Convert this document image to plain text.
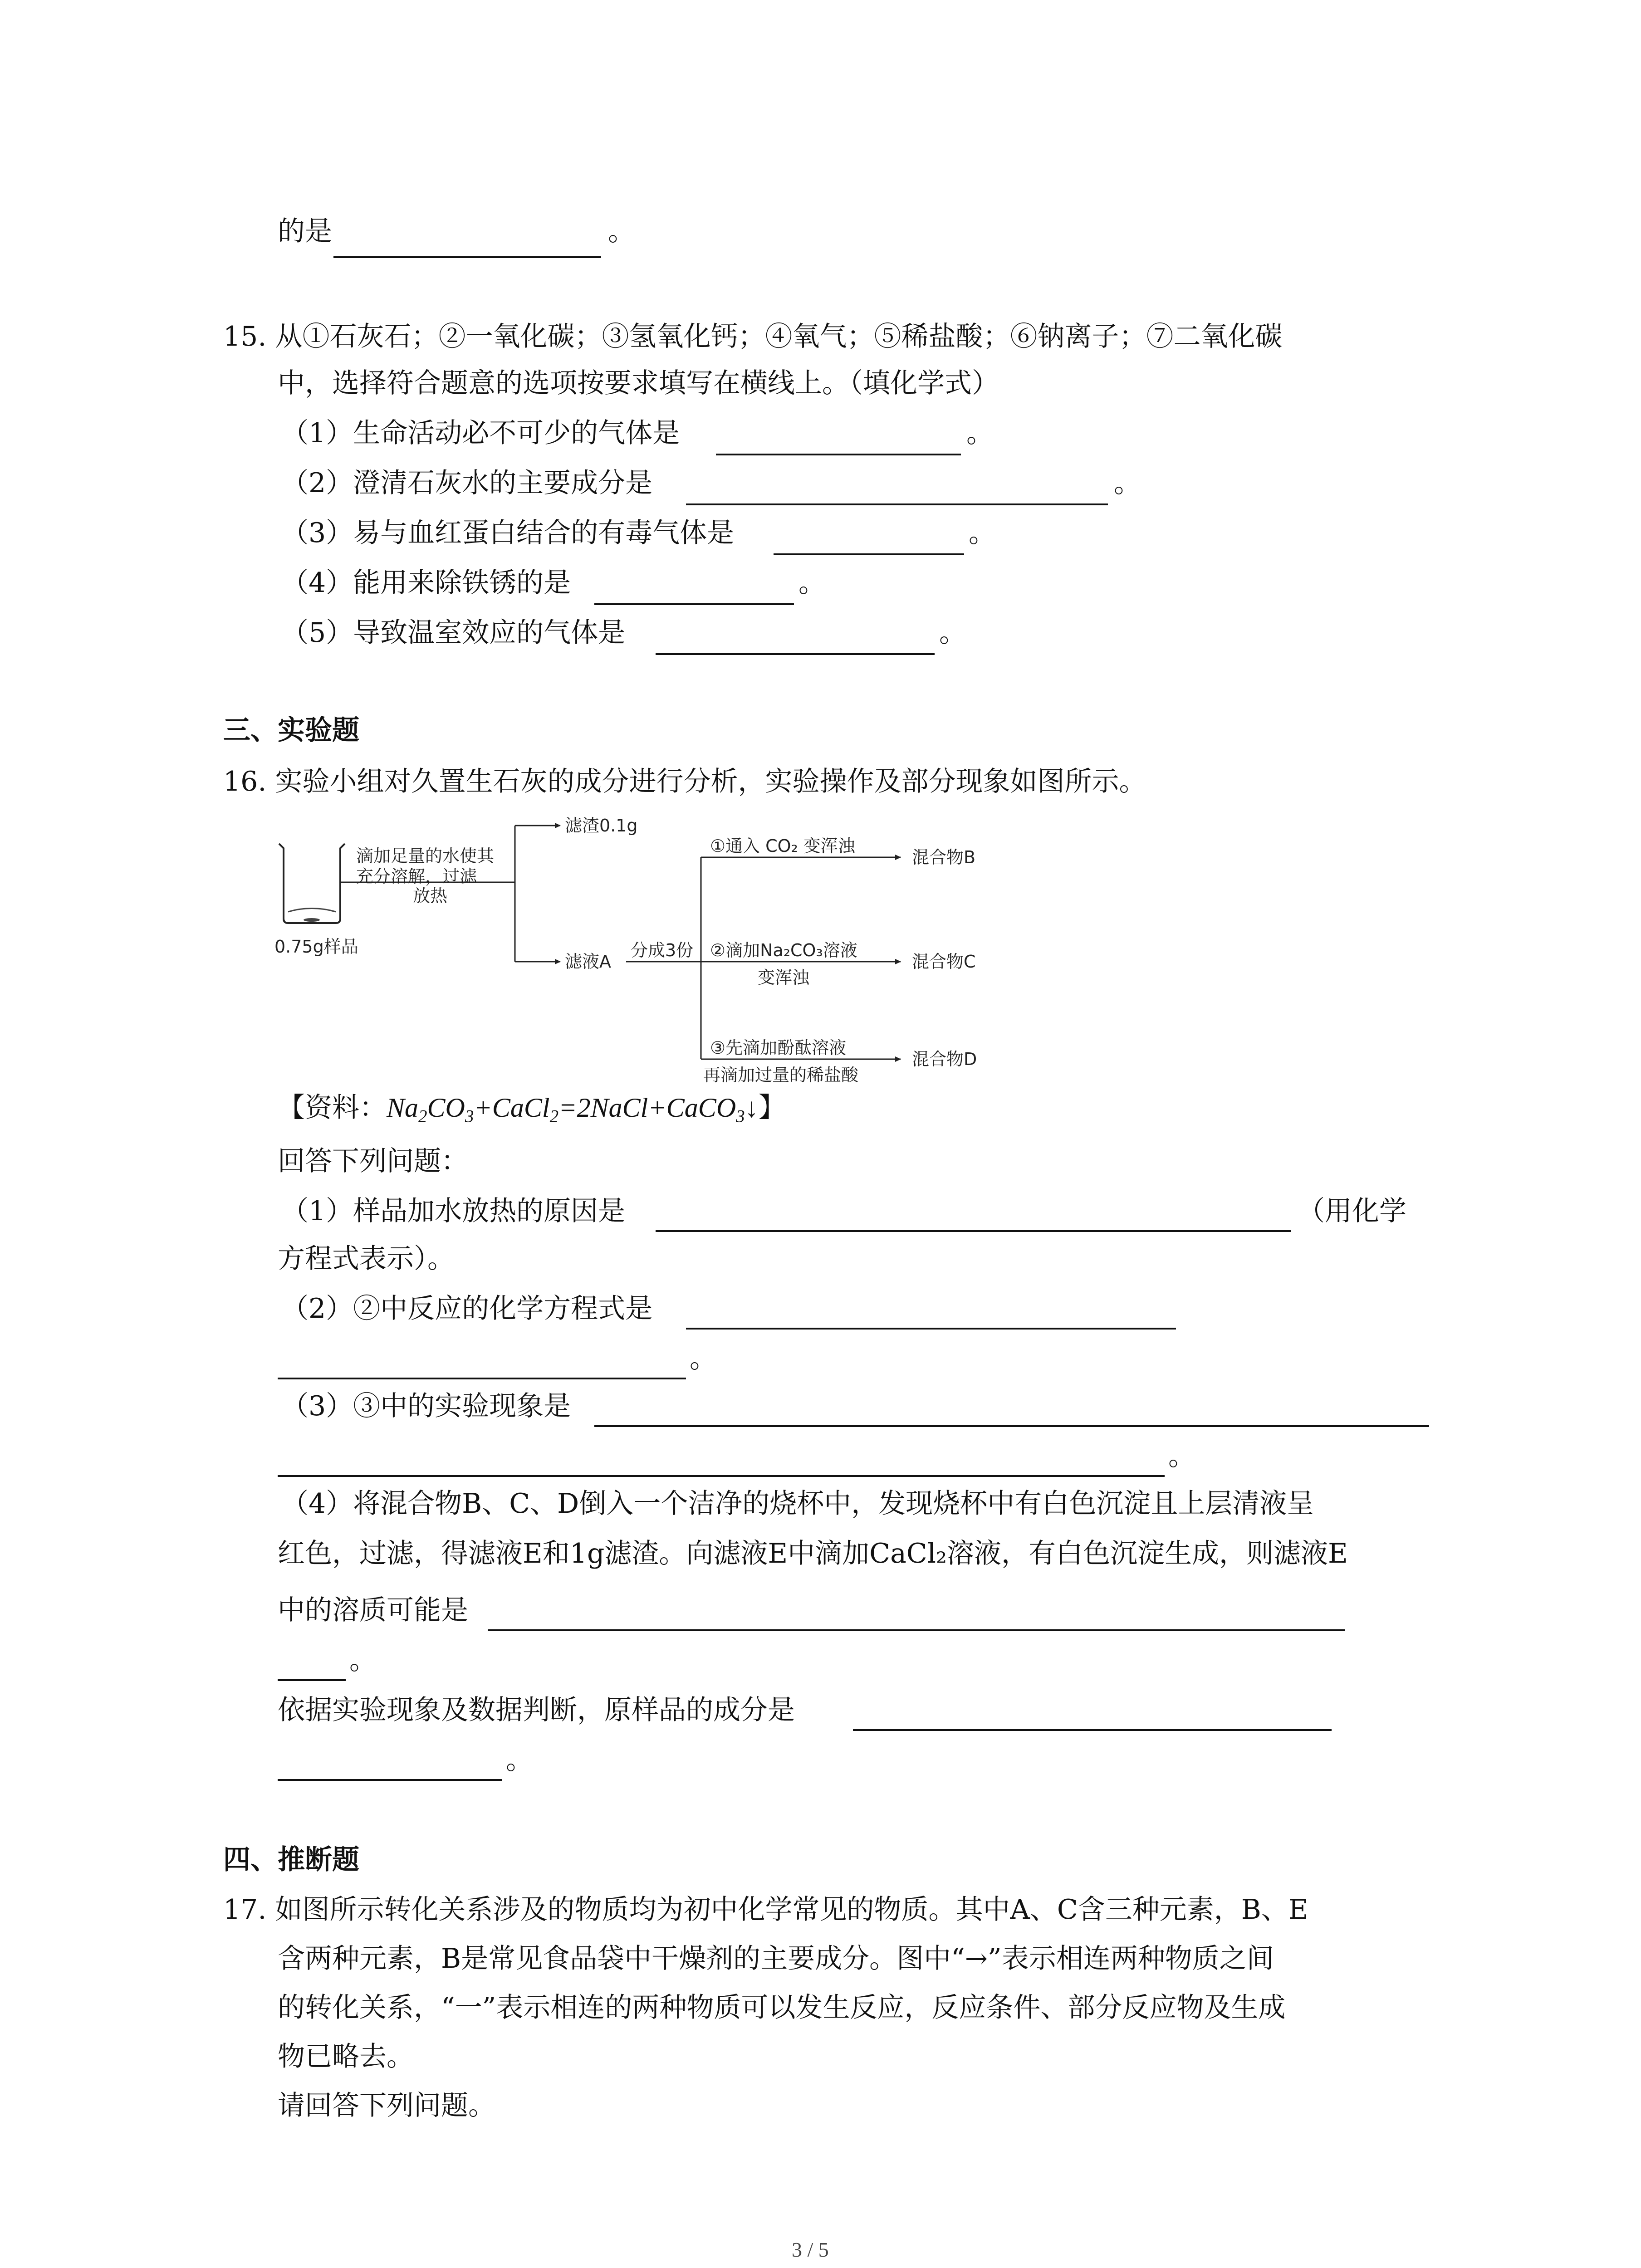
的是	。
15. 从①石灰石；②一氧化碳；③氢氧化钙；④氧气；⑤稀盐酸；⑥钠离子；⑦二氧化碳
中，选择符合题意的选项按要求填写在横线上。（填化学式）
（1）生命活动必不可少的气体是	。
（2）澄清石灰水的主要成分是	。
（3）易与血红蛋白结合的有毒气体是	。
（4）能用来除铁锈的是	。
（5）导致温室效应的气体是	。
三、实验题
16. 实验小组对久置生石灰的成分进行分析，实验操作及部分现象如图所示。
0.75g样品
滴加足量的水使其
充分溶解，过滤
放热
滤渣0.1g
滤液A
分成3份
①通入 CO₂ 变浑浊
混合物B
②滴加Na₂CO₃溶液
变浑浊
混合物C
③先滴加酚酞溶液
再滴加过量的稀盐酸
混合物D
【资料：$Na_2CO_3+CaCl_2=2NaCl+CaCO_3↓$】
回答下列问题：
（1）样品加水放热的原因是	（用化学
方程式表示）。
（2）②中反应的化学方程式是
。
（3）③中的实验现象是
。
（4）将混合物B、C、D倒入一个洁净的烧杯中，发现烧杯中有白色沉淀且上层清液呈
红色，过滤，得滤液E和1g滤渣。向滤液E中滴加CaCl₂溶液，有白色沉淀生成，则滤液E
中的溶质可能是
。
依据实验现象及数据判断，原样品的成分是
。
四、推断题
17. 如图所示转化关系涉及的物质均为初中化学常见的物质。其中A、C含三种元素，B、E
含两种元素，B是常见食品袋中干燥剂的主要成分。图中“→”表示相连两种物质之间
的转化关系，“一”表示相连的两种物质可以发生反应，反应条件、部分反应物及生成
物已略去。
请回答下列问题。
3 / 5
